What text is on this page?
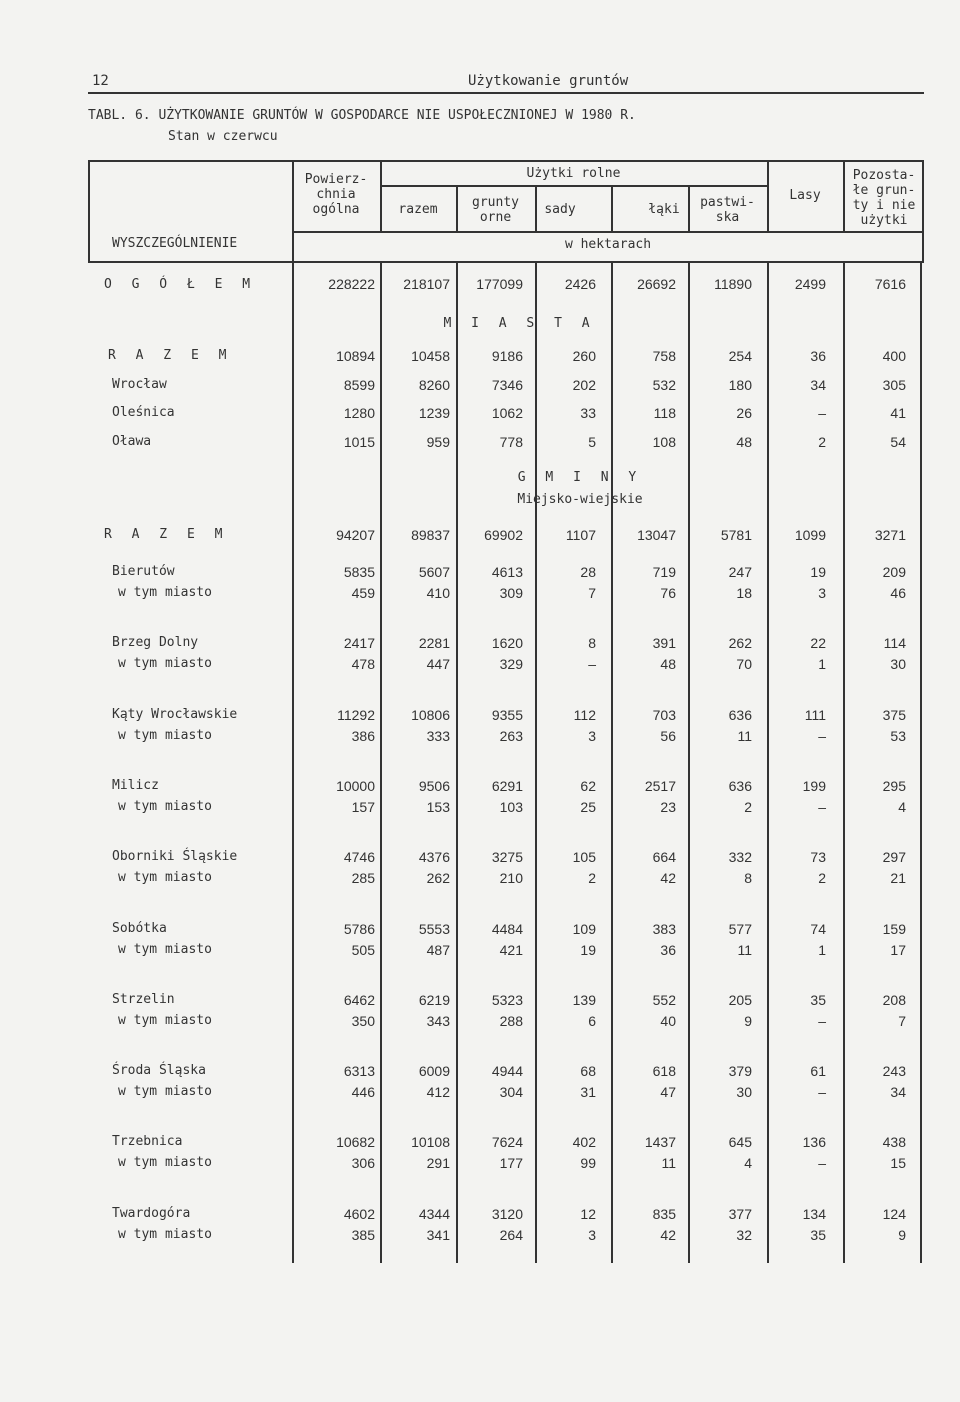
12	Użytkowanie gruntów
TABL. 6. UŻYTKOWANIE GRUNTÓW W GOSPODARCE NIE USPOŁECZNIONEJ W 1980 R.
Stan w czerwcu
WYSZCZEGÓLNIENIE
Powierz-
chnia
ogólna
Użytki rolne
razem	grunty
orne
sady	łąki	pastwi-
ska
Lasy
Pozosta-
łe grun-
ty i nie
użytki
w hektarach
O G Ó Ł E M	228222	218107	177099	2426	26692	11890	2499	7616
M I A S T A
R A Z E M	10894	10458	9186	260	758	254	36	400
Wrocław	8599	8260	7346	202	532	180	34	305
Oleśnica	1280	1239	1062	33	118	26	–	41
Oława	1015	959	778	5	108	48	2	54
G M I N Y
Miejsko-wiejskie
R A Z E M	94207	89837	69902	1107	13047	5781	1099	3271
Bierutów	5835	5607	4613	28	719	247	19	209
w tym miasto	459	410	309	7	76	18	3	46
Brzeg Dolny	2417	2281	1620	8	391	262	22	114
w tym miasto	478	447	329	–	48	70	1	30
Kąty Wrocławskie	11292	10806	9355	112	703	636	111	375
w tym miasto	386	333	263	3	56	11	–	53
Milicz	10000	9506	6291	62	2517	636	199	295
w tym miasto	157	153	103	25	23	2	–	4
Oborniki Śląskie	4746	4376	3275	105	664	332	73	297
w tym miasto	285	262	210	2	42	8	2	21
Sobótka	5786	5553	4484	109	383	577	74	159
w tym miasto	505	487	421	19	36	11	1	17
Strzelin	6462	6219	5323	139	552	205	35	208
w tym miasto	350	343	288	6	40	9	–	7
Środa Śląska	6313	6009	4944	68	618	379	61	243
w tym miasto	446	412	304	31	47	30	–	34
Trzebnica	10682	10108	7624	402	1437	645	136	438
w tym miasto	306	291	177	99	11	4	–	15
Twardogóra	4602	4344	3120	12	835	377	134	124
w tym miasto	385	341	264	3	42	32	35	9
